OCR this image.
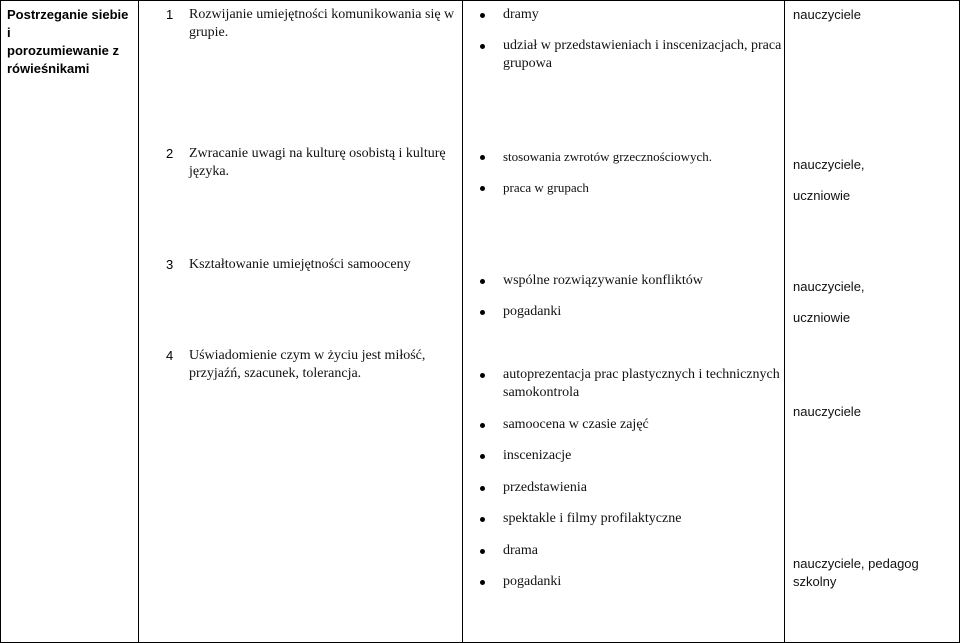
Postrzeganie siebie i
porozumiewanie z
rówieśnikami
1 Rozwijanie umiejętności komunikowania się w
grupie.
dramy
udział w przedstawieniach i inscenizacjach, praca
grupowa
nauczyciele
2 Zwracanie uwagi na kulturę osobistą i kulturę
języka.
stosowania zwrotów grzecznościowych.
praca w grupach
nauczyciele,
uczniowie
3 Kształtowanie umiejętności samooceny
wspólne rozwiązywanie konfliktów
pogadanki
nauczyciele,
uczniowie
4 Uświadomienie czym w życiu jest miłość,
przyjaźń, szacunek, tolerancja.	autoprezentacja prac plastycznych i technicznych
samokontrola
samoocena w czasie zajęć
inscenizacje
przedstawienia
spektakle i filmy profilaktyczne
drama
pogadanki
nauczyciele
nauczyciele, pedagog
szkolny
